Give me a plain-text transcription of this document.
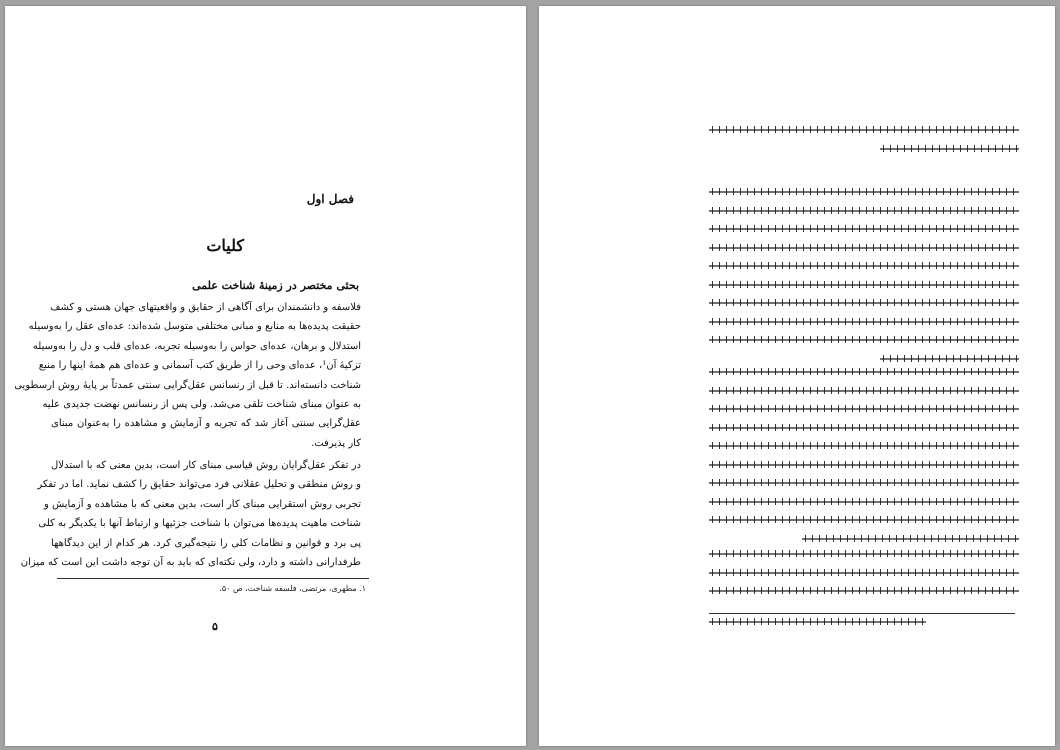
فصل اول
کلیات
بحثی مختصر در زمینهٔ شناخت علمی
فلاسفه و دانشمندان برای آگاهی از حقایق و واقعیتهای جهان هستی و کشف
حقیقت پدیده‌ها به منابع و مبانی مختلفی متوسل شده‌اند: عده‌ای عقل را به‌وسیله
استدلال و برهان، عده‌ای حواس را به‌وسیله تجربه، عده‌ای قلب و دل را به‌وسیله
تزکیهٔ آن¹، عده‌ای وحی را از طریق کتب آسمانی و عده‌ای هم همهٔ اینها را منبع
شناخت دانسته‌اند. تا قبل از رنسانس عقل‌گرایی سنتی عمدتاً بر پایهٔ روش ارسطویی
به عنوان مبنای شناخت تلقی می‌شد. ولی پس از رنسانس نهضت جدیدی علیه
عقل‌گرایی سنتی آغاز شد که تجربه و آزمایش و مشاهده را به‌عنوان مبنای
کار پذیرفت.
در تفکر عقل‌گرایان روش قیاسی مبنای کار است، بدین معنی که با استدلال
و روش منطقی و تحلیل عقلانی فرد می‌تواند حقایق را کشف نماید. اما در تفکر
تجربی روش استقرایی مبنای کار است، بدین معنی که با مشاهده و آزمایش و
شناخت ماهیت پدیده‌ها می‌توان با شناخت جزئیها و ارتباط آنها با یکدیگر به کلی
پی برد و قوانین و نظامات کلی را نتیجه‌گیری کرد. هر کدام از این دیدگاهها
طرفدارانی داشته و دارد، ولی نکته‌ای که باید به آن توجه داشت این است که میزان
۱. مطهری، مرتضی، فلسفه شناخت، ص ۵۰.
۵
